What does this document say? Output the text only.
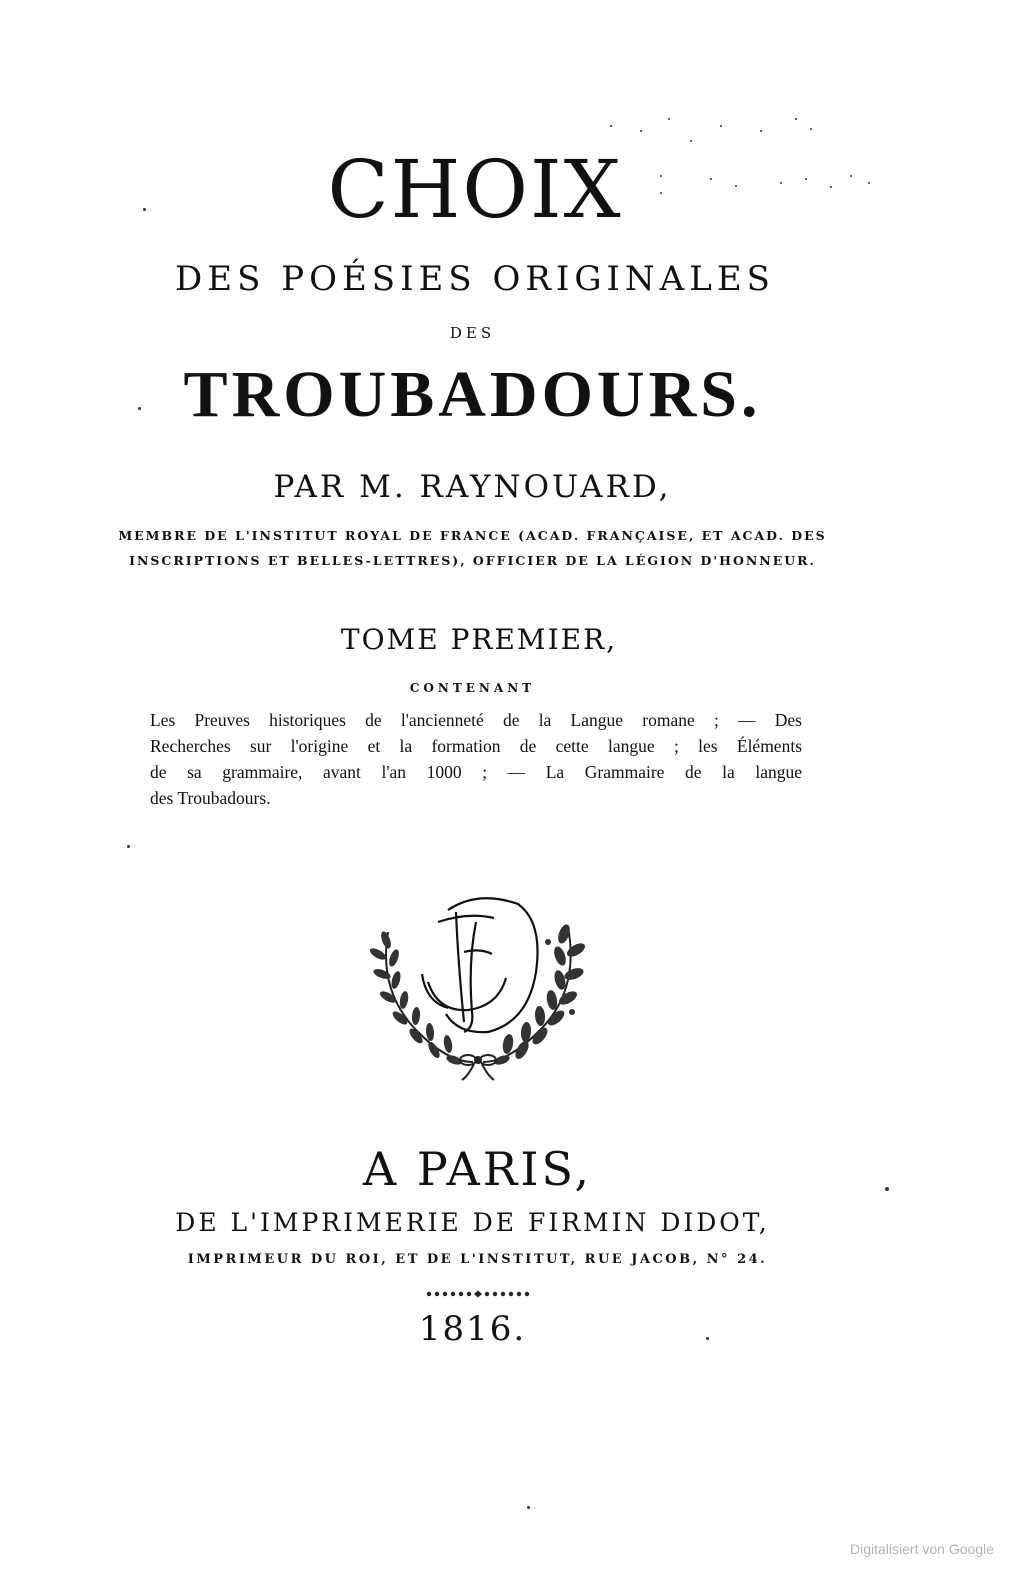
CHOIX
DES POÉSIES ORIGINALES
DES
TROUBADOURS.
PAR M. RAYNOUARD,
MEMBRE DE L'INSTITUT ROYAL DE FRANCE (ACAD. FRANÇAISE, ET ACAD. DES
INSCRIPTIONS ET BELLES-LETTRES), OFFICIER DE LA LÉGION D'HONNEUR.
TOME PREMIER,
CONTENANT
Les Preuves historiques de l'ancienneté de la Langue romane ; — Des
Recherches sur l'origine et la formation de cette langue ; les Éléments
de sa grammaire, avant l'an 1000 ; — La Grammaire de la langue
des Troubadours.
A PARIS,
DE L'IMPRIMERIE DE FIRMIN DIDOT,
IMPRIMEUR DU ROI, ET DE L'INSTITUT, RUE JACOB, N° 24.
1816.
Digitalisiert von Google
